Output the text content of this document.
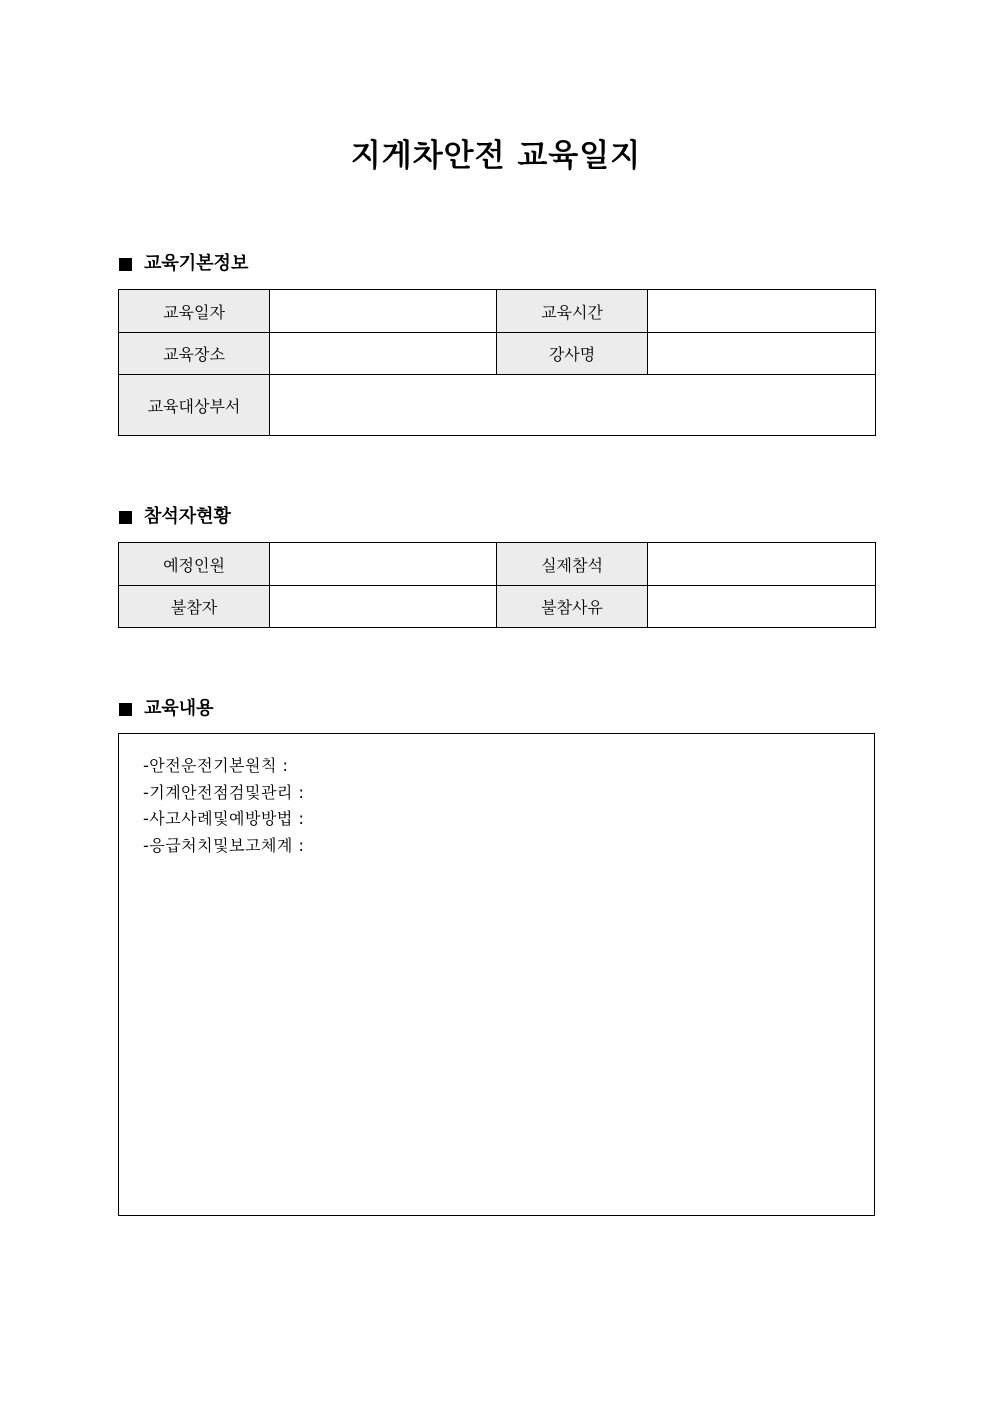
지게차안전 교육일지
교육기본정보
교육일자		교육시간	
교육장소		강사명	
교육대상부서			
참석자현황
예정인원		실제참석	
불참자		불참사유	
교육내용
-안전운전기본원칙 :
-기계안전점검및관리 :
-사고사례및예방방법 :
-응급처치및보고체계 :
